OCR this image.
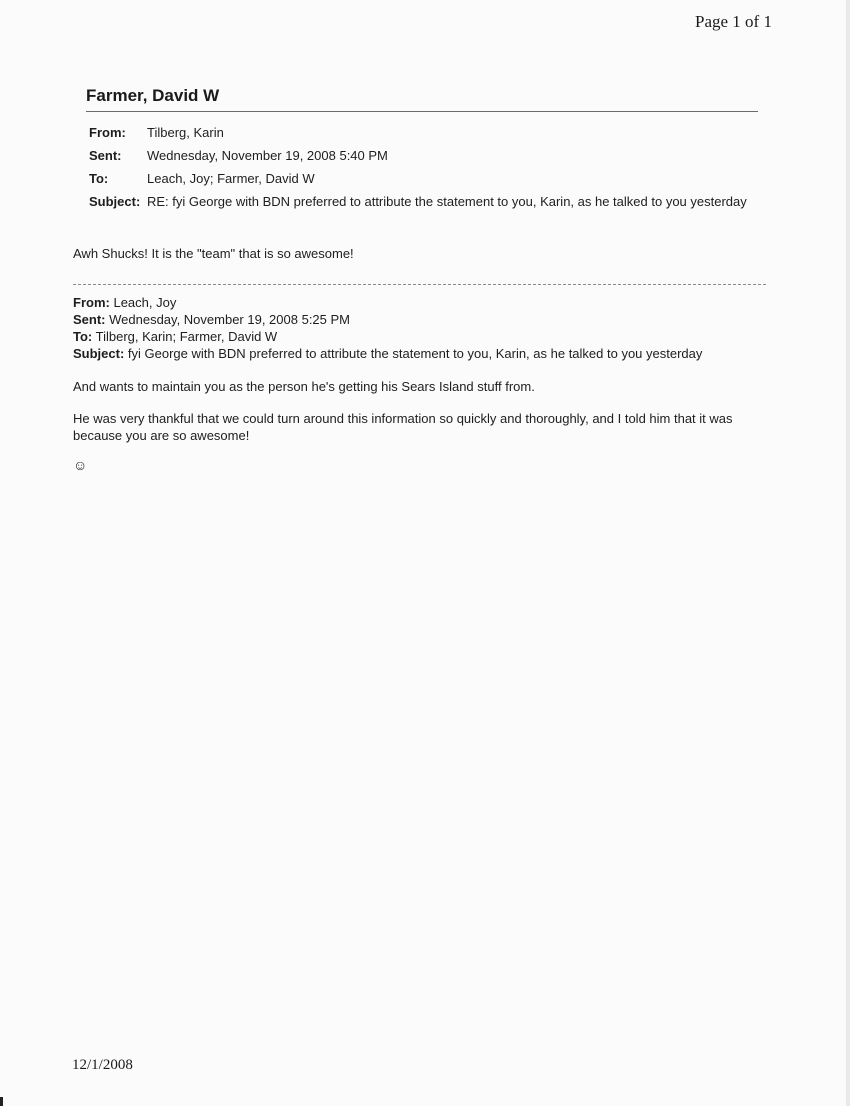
Page 1 of 1
Farmer, David W
From: Tilberg, Karin
Sent: Wednesday, November 19, 2008 5:40 PM
To:	Leach, Joy; Farmer, David W
Subject: RE: fyi George with BDN preferred to attribute the statement to you, Karin, as he talked to you yesterday
Awh Shucks! It is the "team" that is so awesome!
From: Leach, Joy
Sent: Wednesday, November 19, 2008 5:25 PM
To: Tilberg, Karin; Farmer, David W
Subject: fyi George with BDN preferred to attribute the statement to you, Karin, as he talked to you yesterday
And wants to maintain you as the person he's getting his Sears Island stuff from.
He was very thankful that we could turn around this information so quickly and thoroughly, and I told him that it was because you are so awesome!
☺
12/1/2008
